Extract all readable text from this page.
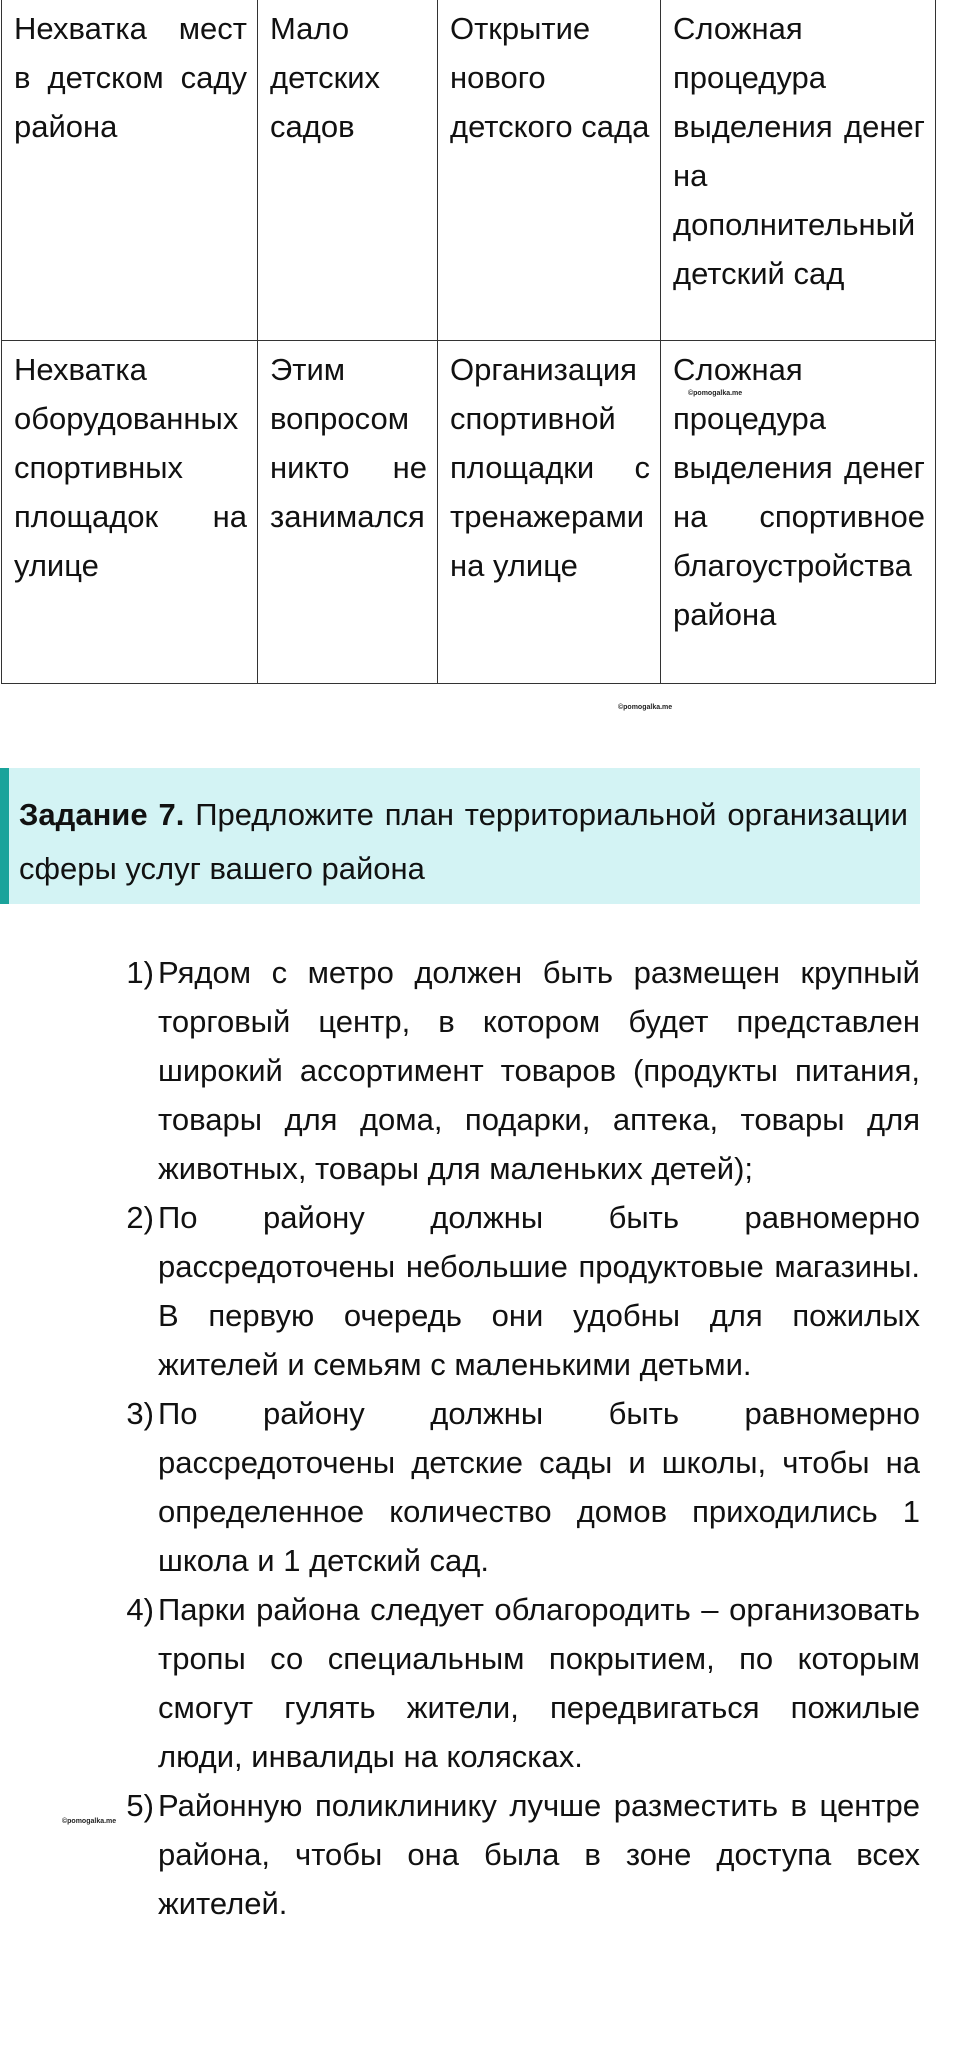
Нехватка мест в детском саду района	Мало детских садов	Открытие нового детского сада	Сложная процедура выделения денег на дополнительный детский сад
Нехватка оборудованных спортивных площадок на улице	Этим вопросом никто не занимался	Организация спортивной площадки с тренажерами на улице	Сложная процедура выделения денег на спортивное благоустройства района
©pomogalka.me
©pomogalka.me
©pomogalka.me
Задание 7. Предложите план территориальной организации сферы услуг вашего района
1) Рядом с метро должен быть размещен крупный торговый центр, в котором будет представлен широкий ассортимент товаров (продукты питания, товары для дома, подарки, аптека, товары для животных, товары для маленьких детей);
2) По району должны быть равномерно рассредоточены небольшие продуктовые магазины. В первую очередь они удобны для пожилых жителей и семьям с маленькими детьми.
3) По району должны быть равномерно рассредоточены детские сады и школы, чтобы на определенное количество домов приходились 1 школа и 1 детский сад.
4) Парки района следует облагородить – организовать тропы со специальным покрытием, по которым смогут гулять жители, передвигаться пожилые люди, инвалиды на колясках.
5) Районную поликлинику лучше разместить в центре района, чтобы она была в зоне доступа всех жителей.
